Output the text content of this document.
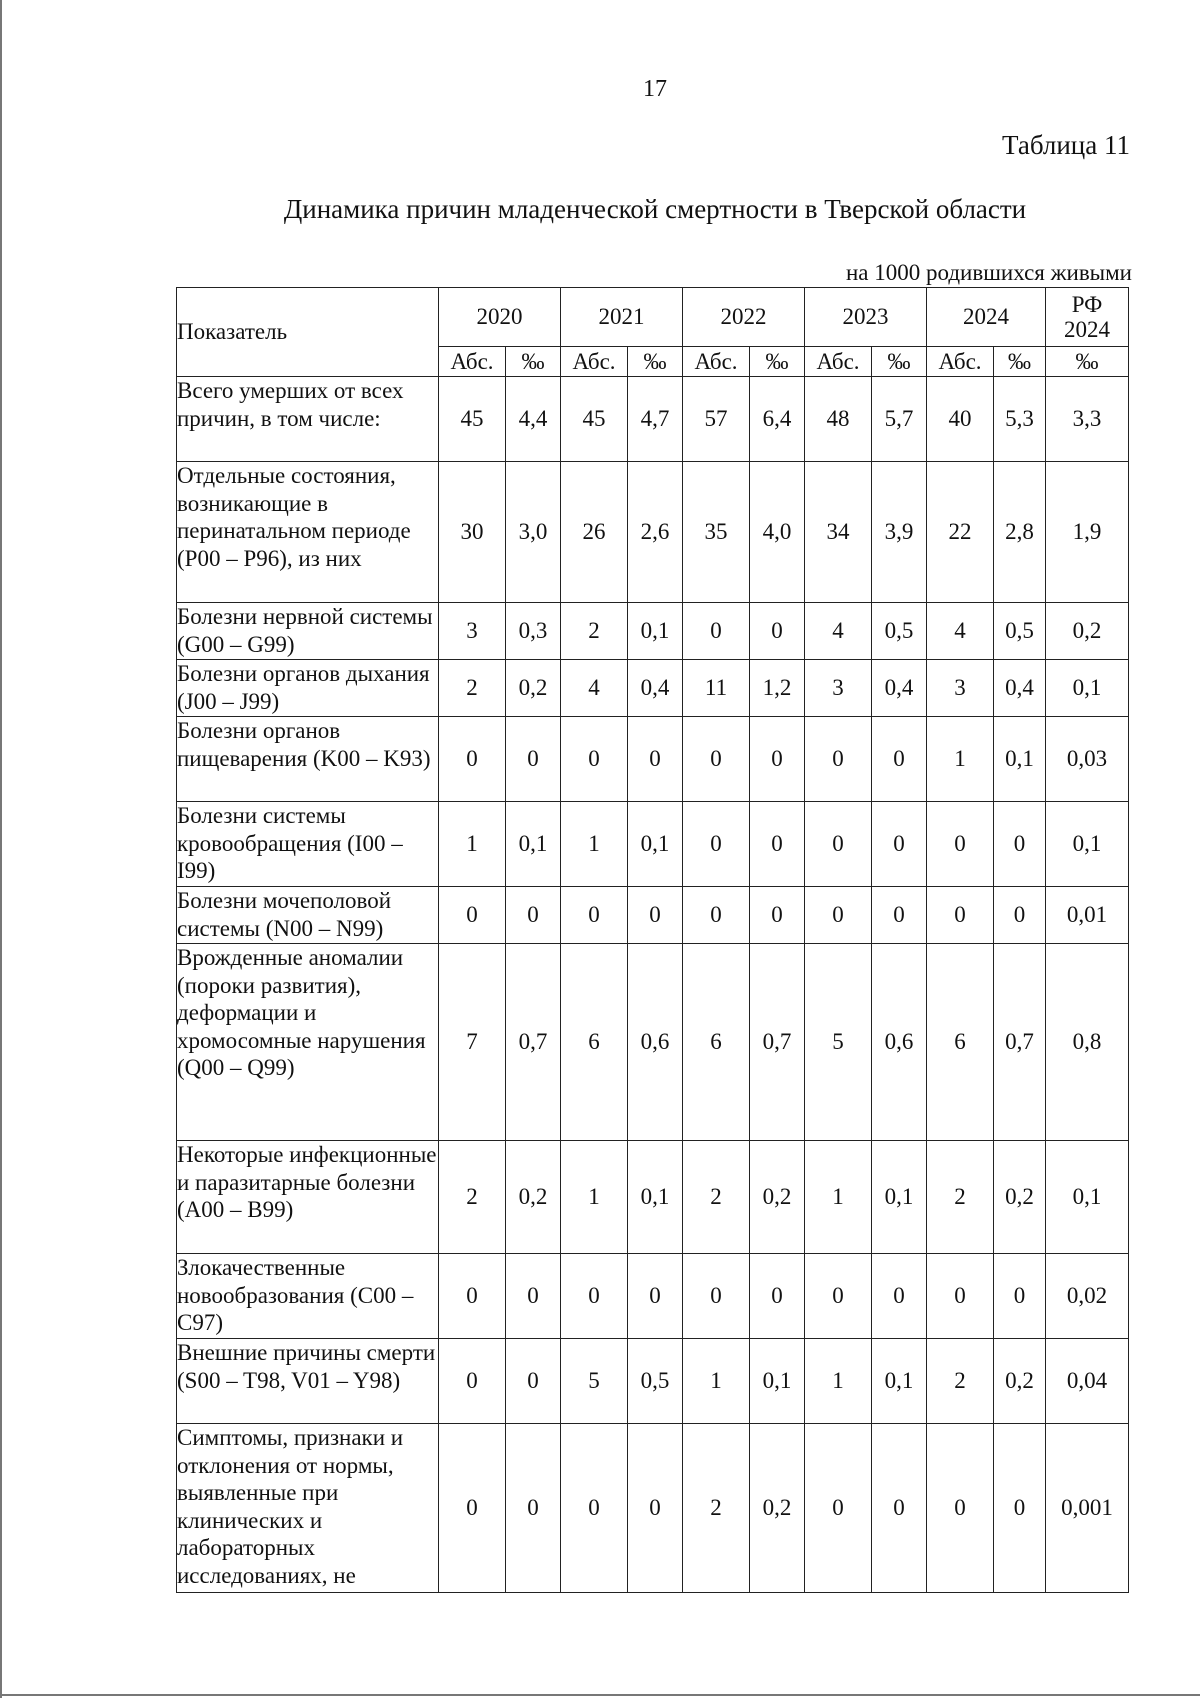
17
Таблица 11
Динамика причин младенческой смертности в Тверской области
на 1000 родившихся живыми
Показатель	2020		2021		2022		2023		2024		РФ
2024
	Абс.	‰	Абс.	‰	Абс.	‰	Абс.	‰	Абс.	‰	‰
Всего умерших от всех причин, в том числе:	45	4,4	45	4,7	57	6,4	48	5,7	40	5,3	3,3
Отдельные состояния, возникающие в перинатальном периоде (P00 – P96), из них	30	3,0	26	2,6	35	4,0	34	3,9	22	2,8	1,9
Болезни нервной системы (G00 – G99)	3	0,3	2	0,1	0	0	4	0,5	4	0,5	0,2
Болезни органов дыхания (J00 – J99)	2	0,2	4	0,4	11	1,2	3	0,4	3	0,4	0,1
Болезни органов пищеварения (K00 – K93)	0	0	0	0	0	0	0	0	1	0,1	0,03
Болезни системы кровообращения (I00 – I99)	1	0,1	1	0,1	0	0	0	0	0	0	0,1
Болезни мочеполовой системы (N00 – N99)	0	0	0	0	0	0	0	0	0	0	0,01
Врожденные аномалии (пороки развития), деформации и хромосомные нарушения (Q00 – Q99)	7	0,7	6	0,6	6	0,7	5	0,6	6	0,7	0,8
Некоторые инфекционные и паразитарные болезни (A00 – B99)	2	0,2	1	0,1	2	0,2	1	0,1	2	0,2	0,1
Злокачественные новообразования (C00 – C97)	0	0	0	0	0	0	0	0	0	0	0,02
Внешние причины смерти (S00 – T98, V01 – Y98)	0	0	5	0,5	1	0,1	1	0,1	2	0,2	0,04
Симптомы, признаки и отклонения от нормы, выявленные при клинических и лабораторных исследованиях, не	0	0	0	0	2	0,2	0	0	0	0	0,001
